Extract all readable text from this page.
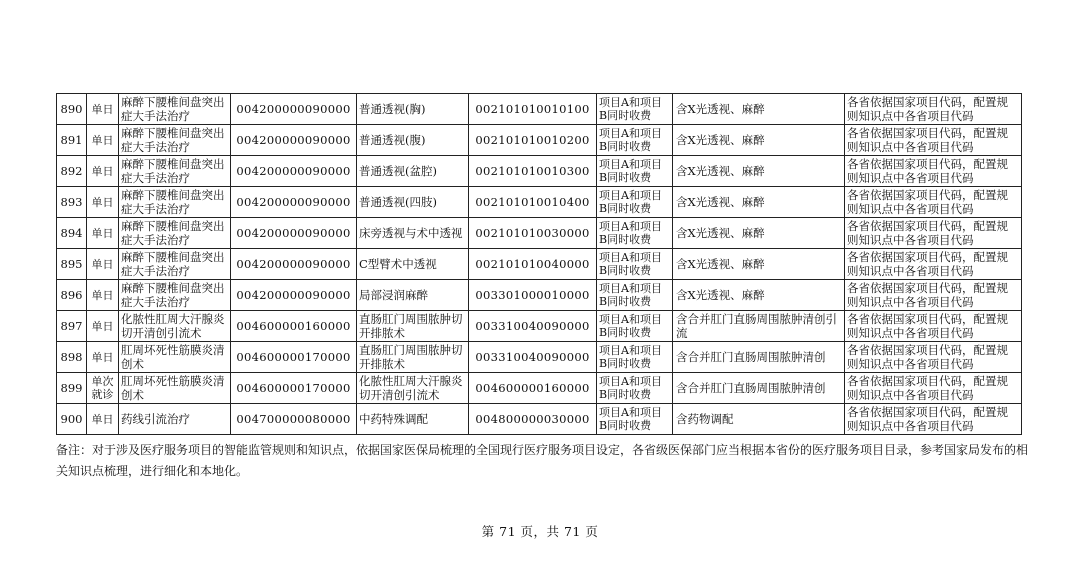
890	单日	麻醉下腰椎间盘突出症大手法治疗	004200000090000	普通透视(胸)	002101010010100	项目A和项目B同时收费	含X光透视、麻醉	各省依据国家项目代码，配置规则知识点中各省项目代码
891	单日	麻醉下腰椎间盘突出症大手法治疗	004200000090000	普通透视(腹)	002101010010200	项目A和项目B同时收费	含X光透视、麻醉	各省依据国家项目代码，配置规则知识点中各省项目代码
892	单日	麻醉下腰椎间盘突出症大手法治疗	004200000090000	普通透视(盆腔)	002101010010300	项目A和项目B同时收费	含X光透视、麻醉	各省依据国家项目代码，配置规则知识点中各省项目代码
893	单日	麻醉下腰椎间盘突出症大手法治疗	004200000090000	普通透视(四肢)	002101010010400	项目A和项目B同时收费	含X光透视、麻醉	各省依据国家项目代码，配置规则知识点中各省项目代码
894	单日	麻醉下腰椎间盘突出症大手法治疗	004200000090000	床旁透视与术中透视	002101010030000	项目A和项目B同时收费	含X光透视、麻醉	各省依据国家项目代码，配置规则知识点中各省项目代码
895	单日	麻醉下腰椎间盘突出症大手法治疗	004200000090000	C型臂术中透视	002101010040000	项目A和项目B同时收费	含X光透视、麻醉	各省依据国家项目代码，配置规则知识点中各省项目代码
896	单日	麻醉下腰椎间盘突出症大手法治疗	004200000090000	局部浸润麻醉	003301000010000	项目A和项目B同时收费	含X光透视、麻醉	各省依据国家项目代码，配置规则知识点中各省项目代码
897	单日	化脓性肛周大汗腺炎切开清创引流术	004600000160000	直肠肛门周围脓肿切开排脓术	003310040090000	项目A和项目B同时收费	含合并肛门直肠周围脓肿清创引流	各省依据国家项目代码，配置规则知识点中各省项目代码
898	单日	肛周坏死性筋膜炎清创术	004600000170000	直肠肛门周围脓肿切开排脓术	003310040090000	项目A和项目B同时收费	含合并肛门直肠周围脓肿清创	各省依据国家项目代码，配置规则知识点中各省项目代码
899	单次就诊	肛周坏死性筋膜炎清创术	004600000170000	化脓性肛周大汗腺炎切开清创引流术	004600000160000	项目A和项目B同时收费	含合并肛门直肠周围脓肿清创	各省依据国家项目代码，配置规则知识点中各省项目代码
900	单日	药线引流治疗	004700000080000	中药特殊调配	004800000030000	项目A和项目B同时收费	含药物调配	各省依据国家项目代码，配置规则知识点中各省项目代码

备注：对于涉及医疗服务项目的智能监管规则和知识点，依据国家医保局梳理的全国现行医疗服务项目设定，各省级医保部门应当根据本省份的医疗服务项目目录，参考国家局发布的相关知识点梳理，进行细化和本地化。

第 71 页，共 71 页
